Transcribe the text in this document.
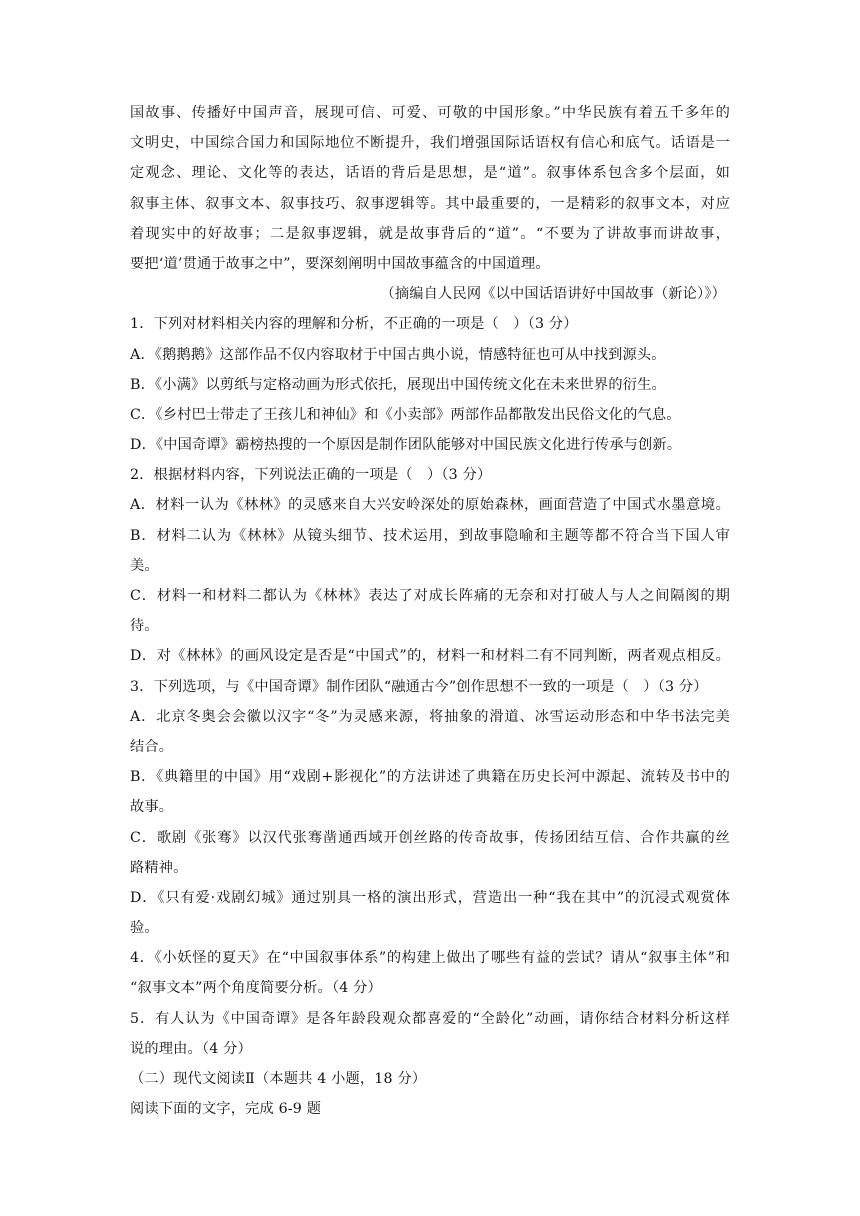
国故事、传播好中国声音，展现可信、可爱、可敬的中国形象。”中华民族有着五千多年的
文明史，中国综合国力和国际地位不断提升，我们增强国际话语权有信心和底气。话语是一
定观念、理论、文化等的表达，话语的背后是思想，是“道”。叙事体系包含多个层面，如
叙事主体、叙事文本、叙事技巧、叙事逻辑等。其中最重要的，一是精彩的叙事文本，对应
着现实中的好故事；二是叙事逻辑，就是故事背后的“道”。“不要为了讲故事而讲故事，
要把‘道’贯通于故事之中”，要深刻阐明中国故事蕴含的中国道理。
（摘编自人民网《以中国话语讲好中国故事（新论）》）
1．下列对材料相关内容的理解和分析，不正确的一项是（　）（3 分）
A．《鹅鹅鹅》这部作品不仅内容取材于中国古典小说，情感特征也可从中找到源头。
B．《小满》以剪纸与定格动画为形式依托，展现出中国传统文化在未来世界的衍生。
C．《乡村巴士带走了王孩儿和神仙》和《小卖部》两部作品都散发出民俗文化的气息。
D．《中国奇谭》霸榜热搜的一个原因是制作团队能够对中国民族文化进行传承与创新。
2．根据材料内容，下列说法正确的一项是（　）（3 分）
A．材料一认为《林林》的灵感来自大兴安岭深处的原始森林，画面营造了中国式水墨意境。
B．材料二认为《林林》从镜头细节、技术运用，到故事隐喻和主题等都不符合当下国人审
美。
C．材料一和材料二都认为《林林》表达了对成长阵痛的无奈和对打破人与人之间隔阂的期
待。
D．对《林林》的画风设定是否是“中国式”的，材料一和材料二有不同判断，两者观点相反。
3．下列选项，与《中国奇谭》制作团队“融通古今”创作思想不一致的一项是（　）（3 分）
A．北京冬奥会会徽以汉字“冬”为灵感来源，将抽象的滑道、冰雪运动形态和中华书法完美
结合。
B．《典籍里的中国》用“戏剧+影视化”的方法讲述了典籍在历史长河中源起、流转及书中的
故事。
C．歌剧《张骞》以汉代张骞凿通西域开创丝路的传奇故事，传扬团结互信、合作共赢的丝
路精神。
D．《只有爱·戏剧幻城》通过别具一格的演出形式，营造出一种“我在其中”的沉浸式观赏体
验。
4．《小妖怪的夏天》在“中国叙事体系”的构建上做出了哪些有益的尝试？请从“叙事主体”和
“叙事文本”两个角度简要分析。（4 分）
5．有人认为《中国奇谭》是各年龄段观众都喜爱的“全龄化”动画，请你结合材料分析这样
说的理由。（4 分）
（二）现代文阅读Ⅱ（本题共 4 小题，18 分）
阅读下面的文字，完成 6-9 题
